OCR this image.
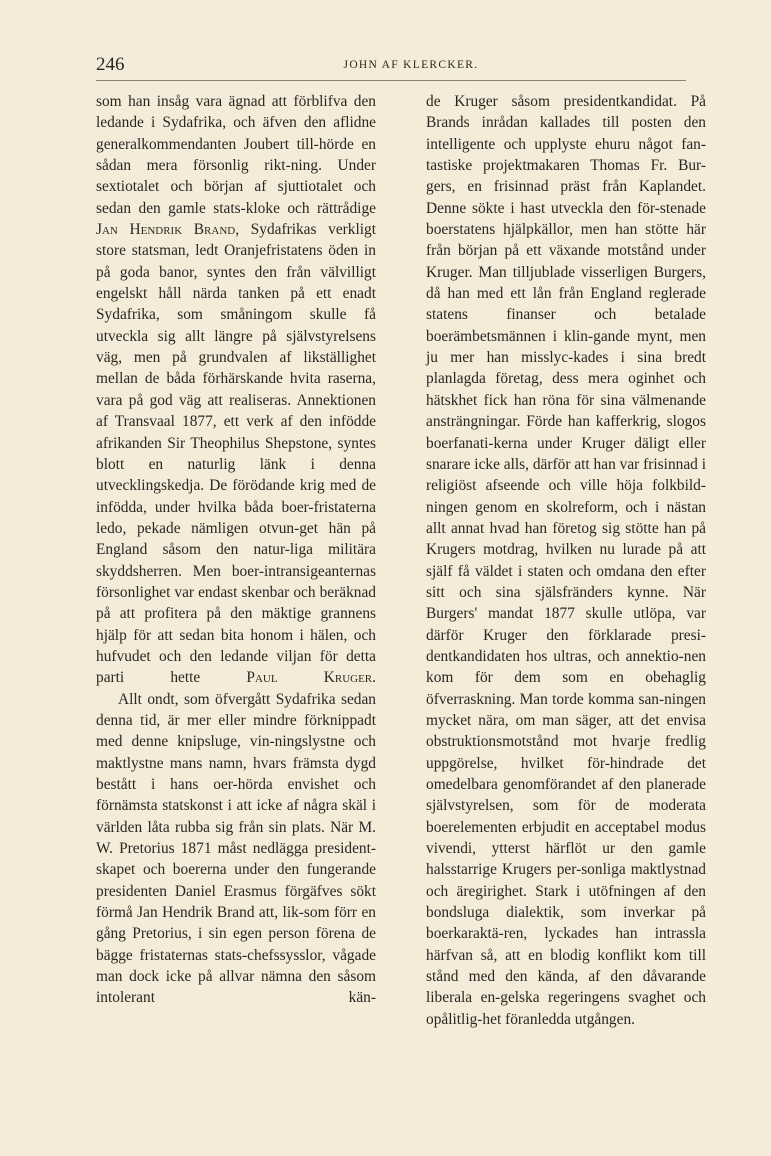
246	JOHN AF KLERCKER.

som han insåg vara ägnad att förblifva den ledande i Sydafrika, och äfven den aflidne generalkommendanten Joubert till-hörde en sådan mera försonlig rikt-ning. Under sextiotalet och början af sjuttiotalet och sedan den gamle stats-kloke och rättrådige Jan Hendrik Brand, Sydafrikas verkligt store statsman, ledt Oranjefristatens öden in på goda banor, syntes den från välvilligt engelskt håll närda tanken på ett enadt Sydafrika, som småningom skulle få utveckla sig allt längre på självstyrelsens väg, men på grundvalen af likställighet mellan de båda förhärskande hvita raserna, vara på god väg att realiseras. Annektionen af Transvaal 1877, ett verk af den infödde afrikanden Sir Theophilus Shepstone, syntes blott en naturlig länk i denna utvecklingskedja. De förödande krig med de infödda, under hvilka båda boer-fristaterna ledo, pekade nämligen otvun-get hän på England såsom den natur-liga militära skyddsherren. Men boer-intransigeanternas försonlighet var endast skenbar och beräknad på att profitera på den mäktige grannens hjälp för att sedan bita honom i hälen, och hufvudet och den ledande viljan för detta parti hette Paul Kruger.

Allt ondt, som öfvergått Sydafrika sedan denna tid, är mer eller mindre förknippadt med denne knipsluge, vin-ningslystne och maktlystne mans namn, hvars främsta dygd bestått i hans oer-hörda envishet och förnämsta statskonst i att icke af några skäl i världen låta rubba sig från sin plats. När M. W. Pretorius 1871 måst nedlägga president-skapet och boererna under den fungerande presidenten Daniel Erasmus förgäfves sökt förmå Jan Hendrik Brand att, lik-som förr en gång Pretorius, i sin egen person förena de bägge fristaternas stats-chefssysslor, vågade man dock icke på allvar nämna den såsom intolerant kän-

de Kruger såsom presidentkandidat. På Brands inrådan kallades till posten den intelligente och upplyste ehuru något fan-tastiske projektmakaren Thomas Fr. Bur-gers, en frisinnad präst från Kaplandet. Denne sökte i hast utveckla den för-stenade boerstatens hjälpkällor, men han stötte här från början på ett växande motstånd under Kruger. Man tilljublade visserligen Burgers, då han med ett lån från England reglerade statens finanser och betalade boerämbetsmännen i klin-gande mynt, men ju mer han misslyc-kades i sina bredt planlagda företag, dess mera oginhet och hätskhet fick han röna för sina välmenande ansträngningar. Förde han kafferkrig, slogos boerfanati-kerna under Kruger däligt eller snarare icke alls, därför att han var frisinnad i religiöst afseende och ville höja folkbild-ningen genom en skolreform, och i nästan allt annat hvad han företog sig stötte han på Krugers motdrag, hvilken nu lurade på att själf få väldet i staten och omdana den efter sitt och sina själsfränders kynne. När Burgers' mandat 1877 skulle utlöpa, var därför Kruger den förklarade presi-dentkandidaten hos ultras, och annektio-nen kom för dem som en obehaglig öfverraskning. Man torde komma san-ningen mycket nära, om man säger, att det envisa obstruktionsmotstånd mot hvarje fredlig uppgörelse, hvilket för-hindrade det omedelbara genomförandet af den planerade självstyrelsen, som för de moderata boerelementen erbjudit en acceptabel modus vivendi, ytterst härflöt ur den gamle halsstarrige Krugers per-sonliga maktlystnad och äregirighet. Stark i utöfningen af den bondsluga dialektik, som inverkar på boerkaraktä-ren, lyckades han intrassla härfvan så, att en blodig konflikt kom till stånd med den kända, af den dåvarande liberala en-gelska regeringens svaghet och opålitlig-het föranledda utgången.
